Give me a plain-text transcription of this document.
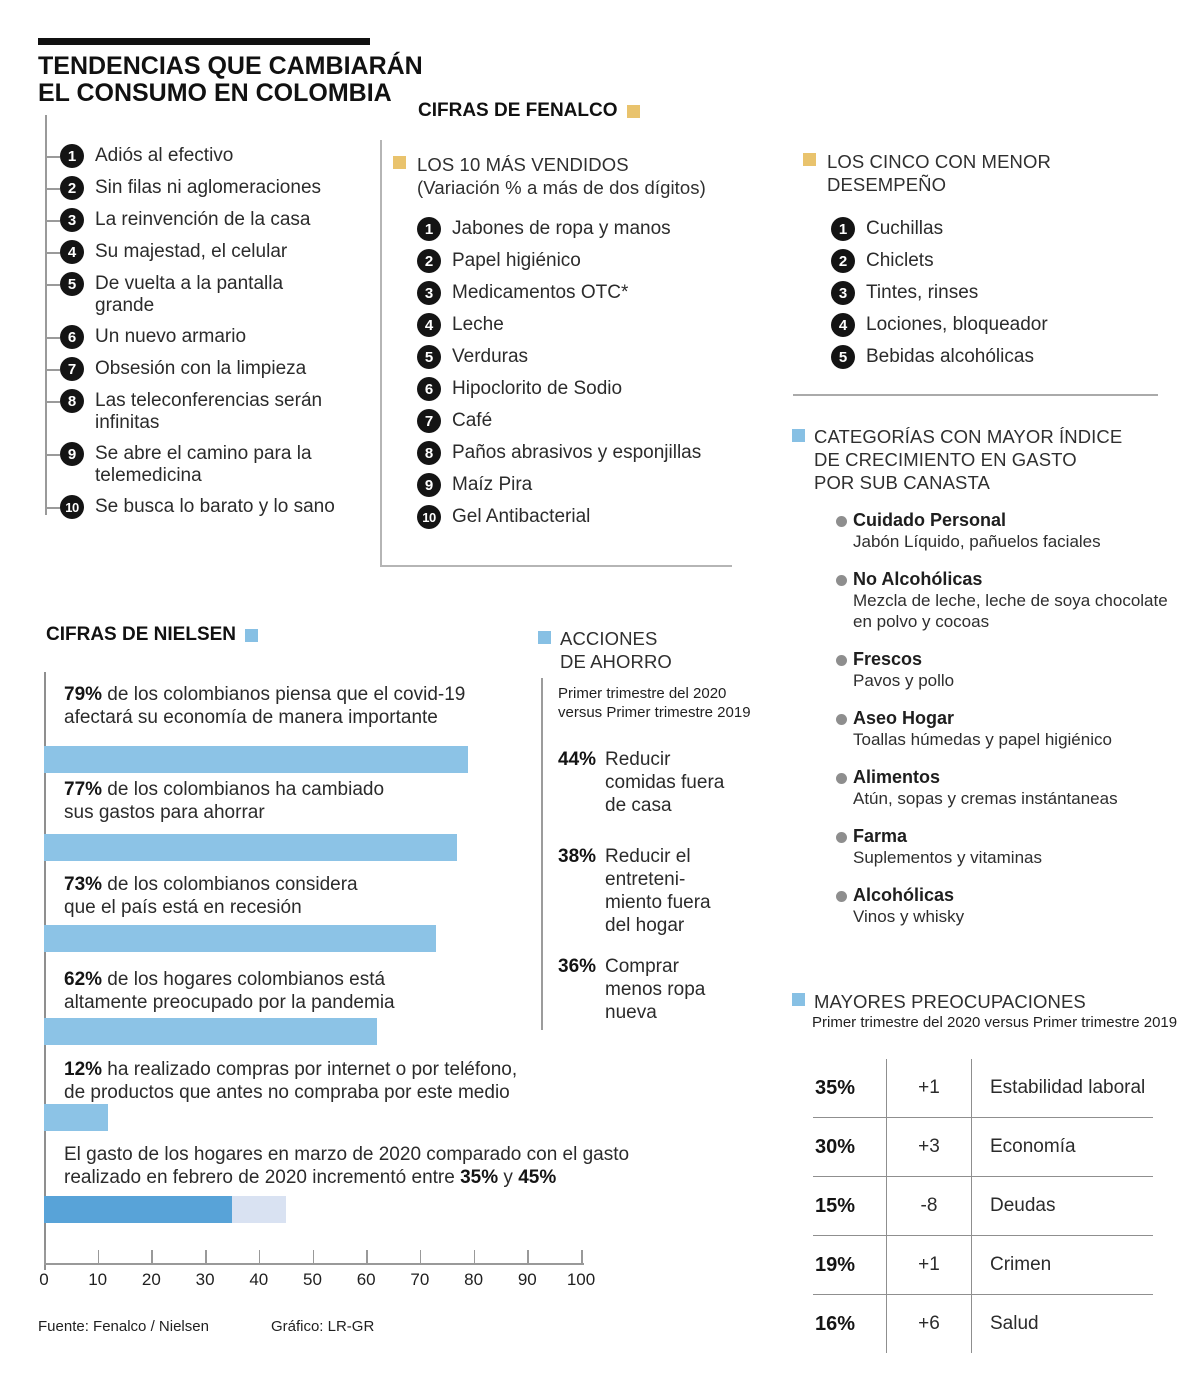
TENDENCIAS QUE CAMBIARÁN
EL CONSUMO EN COLOMBIA
1 Adiós al efectivo
2 Sin filas ni aglomeraciones
3 La reinvención de la casa
4 Su majestad, el celular
5 De vuelta a la pantalla grande
6 Un nuevo armario
7 Obsesión con la limpieza
8 Las teleconferencias serán infinitas
9 Se abre el camino para la telemedicina
10 Se busca lo barato y lo sano
CIFRAS DE FENALCO
LOS 10 MÁS VENDIDOS
(Variación % a más de dos dígitos)
1 Jabones de ropa y manos
2 Papel higiénico
3 Medicamentos OTC*
4 Leche
5 Verduras
6 Hipoclorito de Sodio
7 Café
8 Paños abrasivos y esponjillas
9 Maíz Pira
10 Gel Antibacterial
LOS CINCO CON MENOR
DESEMPEÑO
1 Cuchillas
2 Chiclets
3 Tintes, rinses
4 Lociones, bloqueador
5 Bebidas alcohólicas
CATEGORÍAS CON MAYOR ÍNDICE
DE CRECIMIENTO EN GASTO
POR SUB CANASTA
Cuidado Personal
Jabón Líquido, pañuelos faciales
No Alcohólicas
Mezcla de leche, leche de soya chocolate en polvo y cocoas
Frescos
Pavos y pollo
Aseo Hogar
Toallas húmedas y papel higiénico
Alimentos
Atún, sopas y cremas instántaneas
Farma
Suplementos y vitaminas
Alcohólicas
Vinos y whisky
CIFRAS DE NIELSEN
79% de los colombianos piensa que el covid-19
afectará su economía de manera importante
77% de los colombianos ha cambiado
sus gastos para ahorrar
73% de los colombianos considera
que el país está en recesión
62% de los hogares colombianos está
altamente preocupado por la pandemia
12% ha realizado compras por internet o por teléfono,
de productos que antes no compraba por este medio
El gasto de los hogares en marzo de 2020 comparado con el gasto
realizado en febrero de 2020 incrementó entre 35% y 45%
0 10 20 30 40 50 60 70 80 90 100
ACCIONES
DE AHORRO
Primer trimestre del 2020 versus Primer trimestre 2019
44% Reducir comidas fuera de casa
38% Reducir el entreteni-miento fuera del hogar
36% Comprar menos ropa nueva
MAYORES PREOCUPACIONES
Primer trimestre del 2020 versus Primer trimestre 2019
35%	+1	Estabilidad laboral
30%	+3	Economía
15%	-8	Deudas
19%	+1	Crimen
16%	+6	Salud
Fuente: Fenalco / Nielsen	Gráfico: LR-GR
